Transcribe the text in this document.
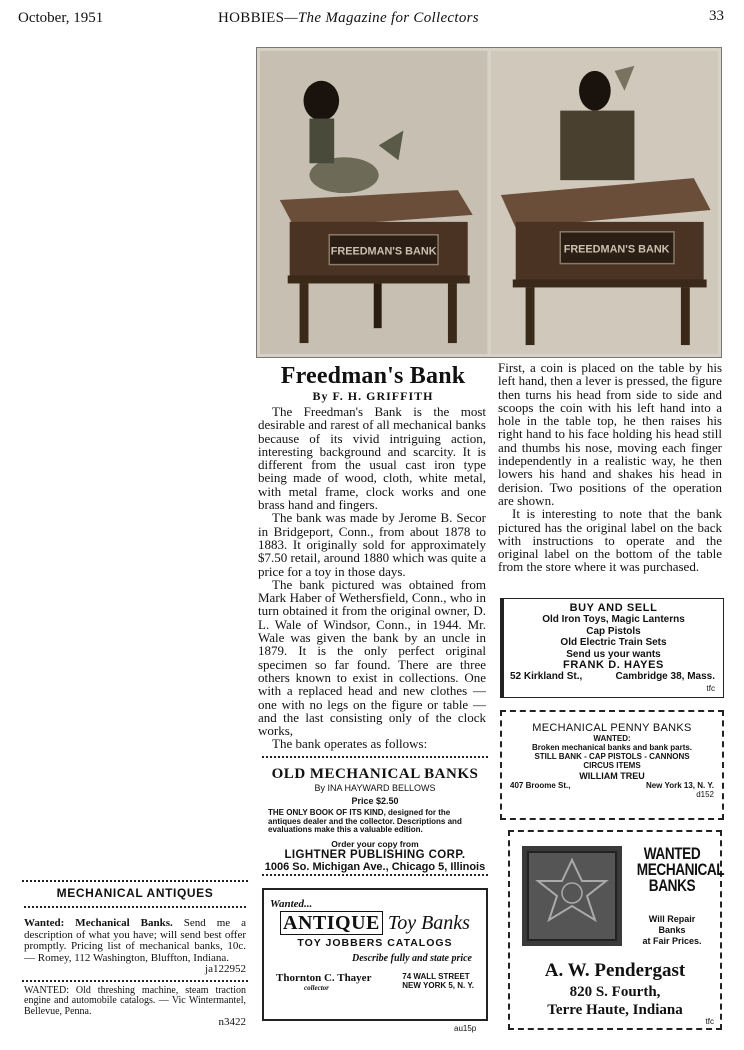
October, 1951	HOBBIES—The Magazine for Collectors	33
FREEDMAN'S BANK	FREEDMAN'S BANK
Freedman's Bank
By F. H. GRIFFITH

The Freedman's Bank is the most desirable and rarest of all mechanical banks because of its vivid intriguing action, interesting background and scarcity. It is different from the usual cast iron type being made of wood, cloth, white metal, with metal frame, clock works and one brass hand and fingers.

The bank was made by Jerome B. Secor in Bridgeport, Conn., from about 1878 to 1883. It originally sold for approximately $7.50 retail, around 1880 which was quite a price for a toy in those days.

The bank pictured was obtained from Mark Haber of Wethersfield, Conn., who in turn obtained it from the original owner, D. L. Wale of Windsor, Conn., in 1944. Mr. Wale was given the bank by an uncle in 1879. It is the only perfect original specimen so far found. There are three others known to exist in collections. One with a replaced head and new clothes — one with no legs on the figure or table — and the last consisting only of the clock works,

The bank operates as follows:

First, a coin is placed on the table by his left hand, then a lever is pressed, the figure then turns his head from side to side and scoops the coin with his left hand into a hole in the table top, he then raises his right hand to his face holding his head still and thumbs his nose, moving each finger independently in a realistic way, he then lowers his hand and shakes his head in derision. Two positions of the operation are shown.

It is interesting to note that the bank pictured has the original label on the back with instructions to operate and the original label on the bottom of the table from the store where it was purchased.

BUY AND SELL
Old Iron Toys, Magic Lanterns
Cap Pistols
Old Electric Train Sets
Send us your wants
FRANK D. HAYES
52 Kirkland St.,	Cambridge 38, Mass.
tfc
MECHANICAL PENNY BANKS
WANTED:
Broken mechanical banks and bank parts.
STILL BANK - CAP PISTOLS - CANNONS
CIRCUS ITEMS
WILLIAM TREU
407 Broome St.,	New York 13, N. Y.
d152
OLD MECHANICAL BANKS
By INA HAYWARD BELLOWS
Price $2.50
THE ONLY BOOK OF ITS KIND, designed for the antiques dealer and the collector. Descriptions and evaluations make this a valuable edition.
Order your copy from
LIGHTNER PUBLISHING CORP.
1006 So. Michigan Ave., Chicago 5, Illinois
Wanted...
ANTIQUE Toy Banks
TOY JOBBERS CATALOGS
Describe fully and state price
Thornton C. Thayer
collector
74 WALL STREET
NEW YORK 5, N. Y.
au15p
WANTED
MECHANICAL
BANKS
Will Repair
Banks
at Fair Prices.
A. W. Pendergast
820 S. Fourth,
Terre Haute, Indiana
tfc
MECHANICAL ANTIQUES
Wanted: Mechanical Banks. Send me a description of what you have; will send best offer promptly. Pricing list of mechanical banks, 10c. — Romey, 112 Washington, Bluffton, Indiana.
ja122952
WANTED: Old threshing machine, steam traction engine and automobile catalogs. — Vic Wintermantel, Bellevue, Penna.
n3422
